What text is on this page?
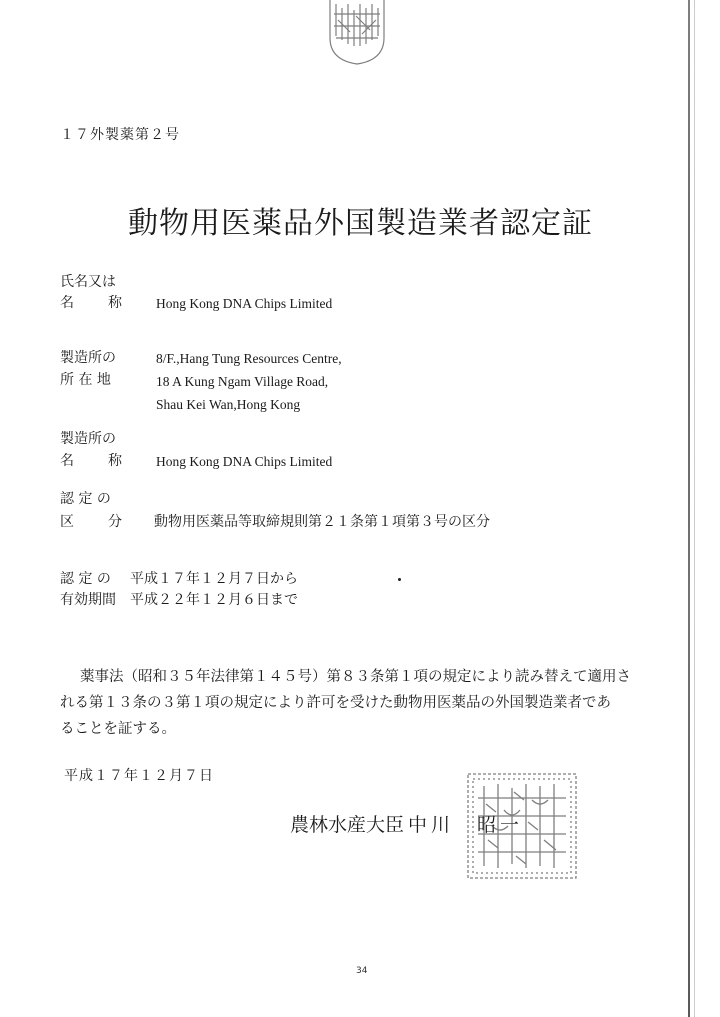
１７外製薬第２号
動物用医薬品外国製造業者認定証
氏名又は
名　　称 Hong Kong DNA Chips Limited
製造所の
所 在 地
8/F.,Hang Tung Resources Centre,
18 A Kung Ngam Village Road,
Shau Kei Wan,Hong Kong
製造所の
名　　称 Hong Kong DNA Chips Limited
認 定 の
区　　分 動物用医薬品等取締規則第２１条第１項第３号の区分
認 定 の
有効期間
平成１７年１２月７日から
平成２２年１２月６日まで

薬事法（昭和３５年法律第１４５号）第８３条第１項の規定により読み替えて適用さ

れる第１３条の３第１項の規定により許可を受けた動物用医薬品の外国製造業者であ

ることを証する。

平成１７年１２月７日
農林水産大臣 中川　昭一
34
